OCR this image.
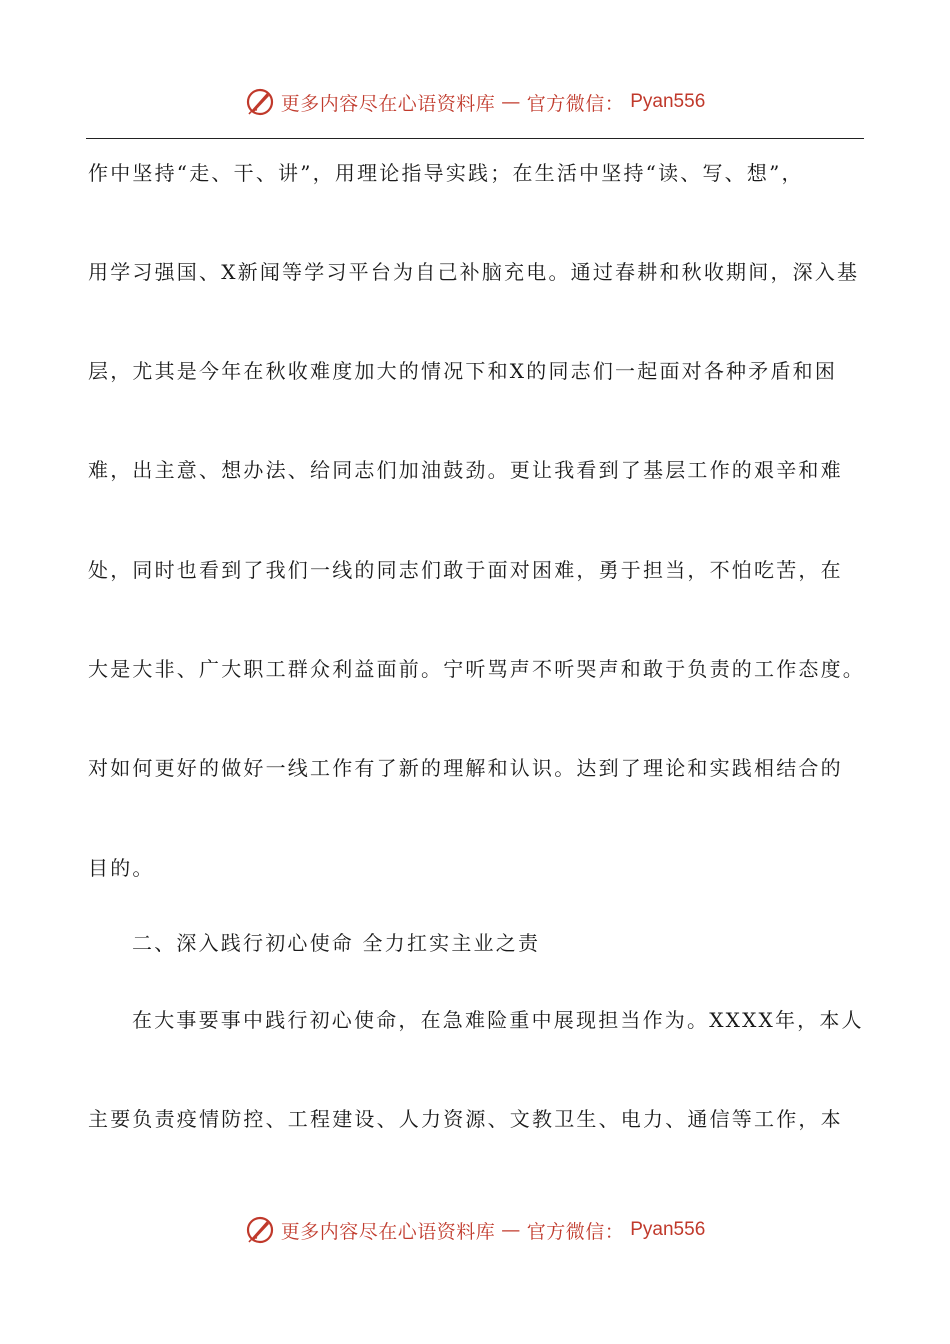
更多内容尽在心语资料库 — 官方微信： Pyan556
作中坚持“走、干、讲”，用理论指导实践；在生活中坚持“读、写、想”，
用学习强国、X新闻等学习平台为自己补脑充电。通过春耕和秋收期间，深入基
层，尤其是今年在秋收难度加大的情况下和X的同志们一起面对各种矛盾和困
难，出主意、想办法、给同志们加油鼓劲。更让我看到了基层工作的艰辛和难
处，同时也看到了我们一线的同志们敢于面对困难，勇于担当，不怕吃苦，在
大是大非、广大职工群众利益面前。宁听骂声不听哭声和敢于负责的工作态度。
对如何更好的做好一线工作有了新的理解和认识。达到了理论和实践相结合的
目的。
二、深入践行初心使命 全力扛实主业之责
在大事要事中践行初心使命，在急难险重中展现担当作为。XXXX年，本人
主要负责疫情防控、工程建设、人力资源、文教卫生、电力、通信等工作，本
更多内容尽在心语资料库 — 官方微信： Pyan556
